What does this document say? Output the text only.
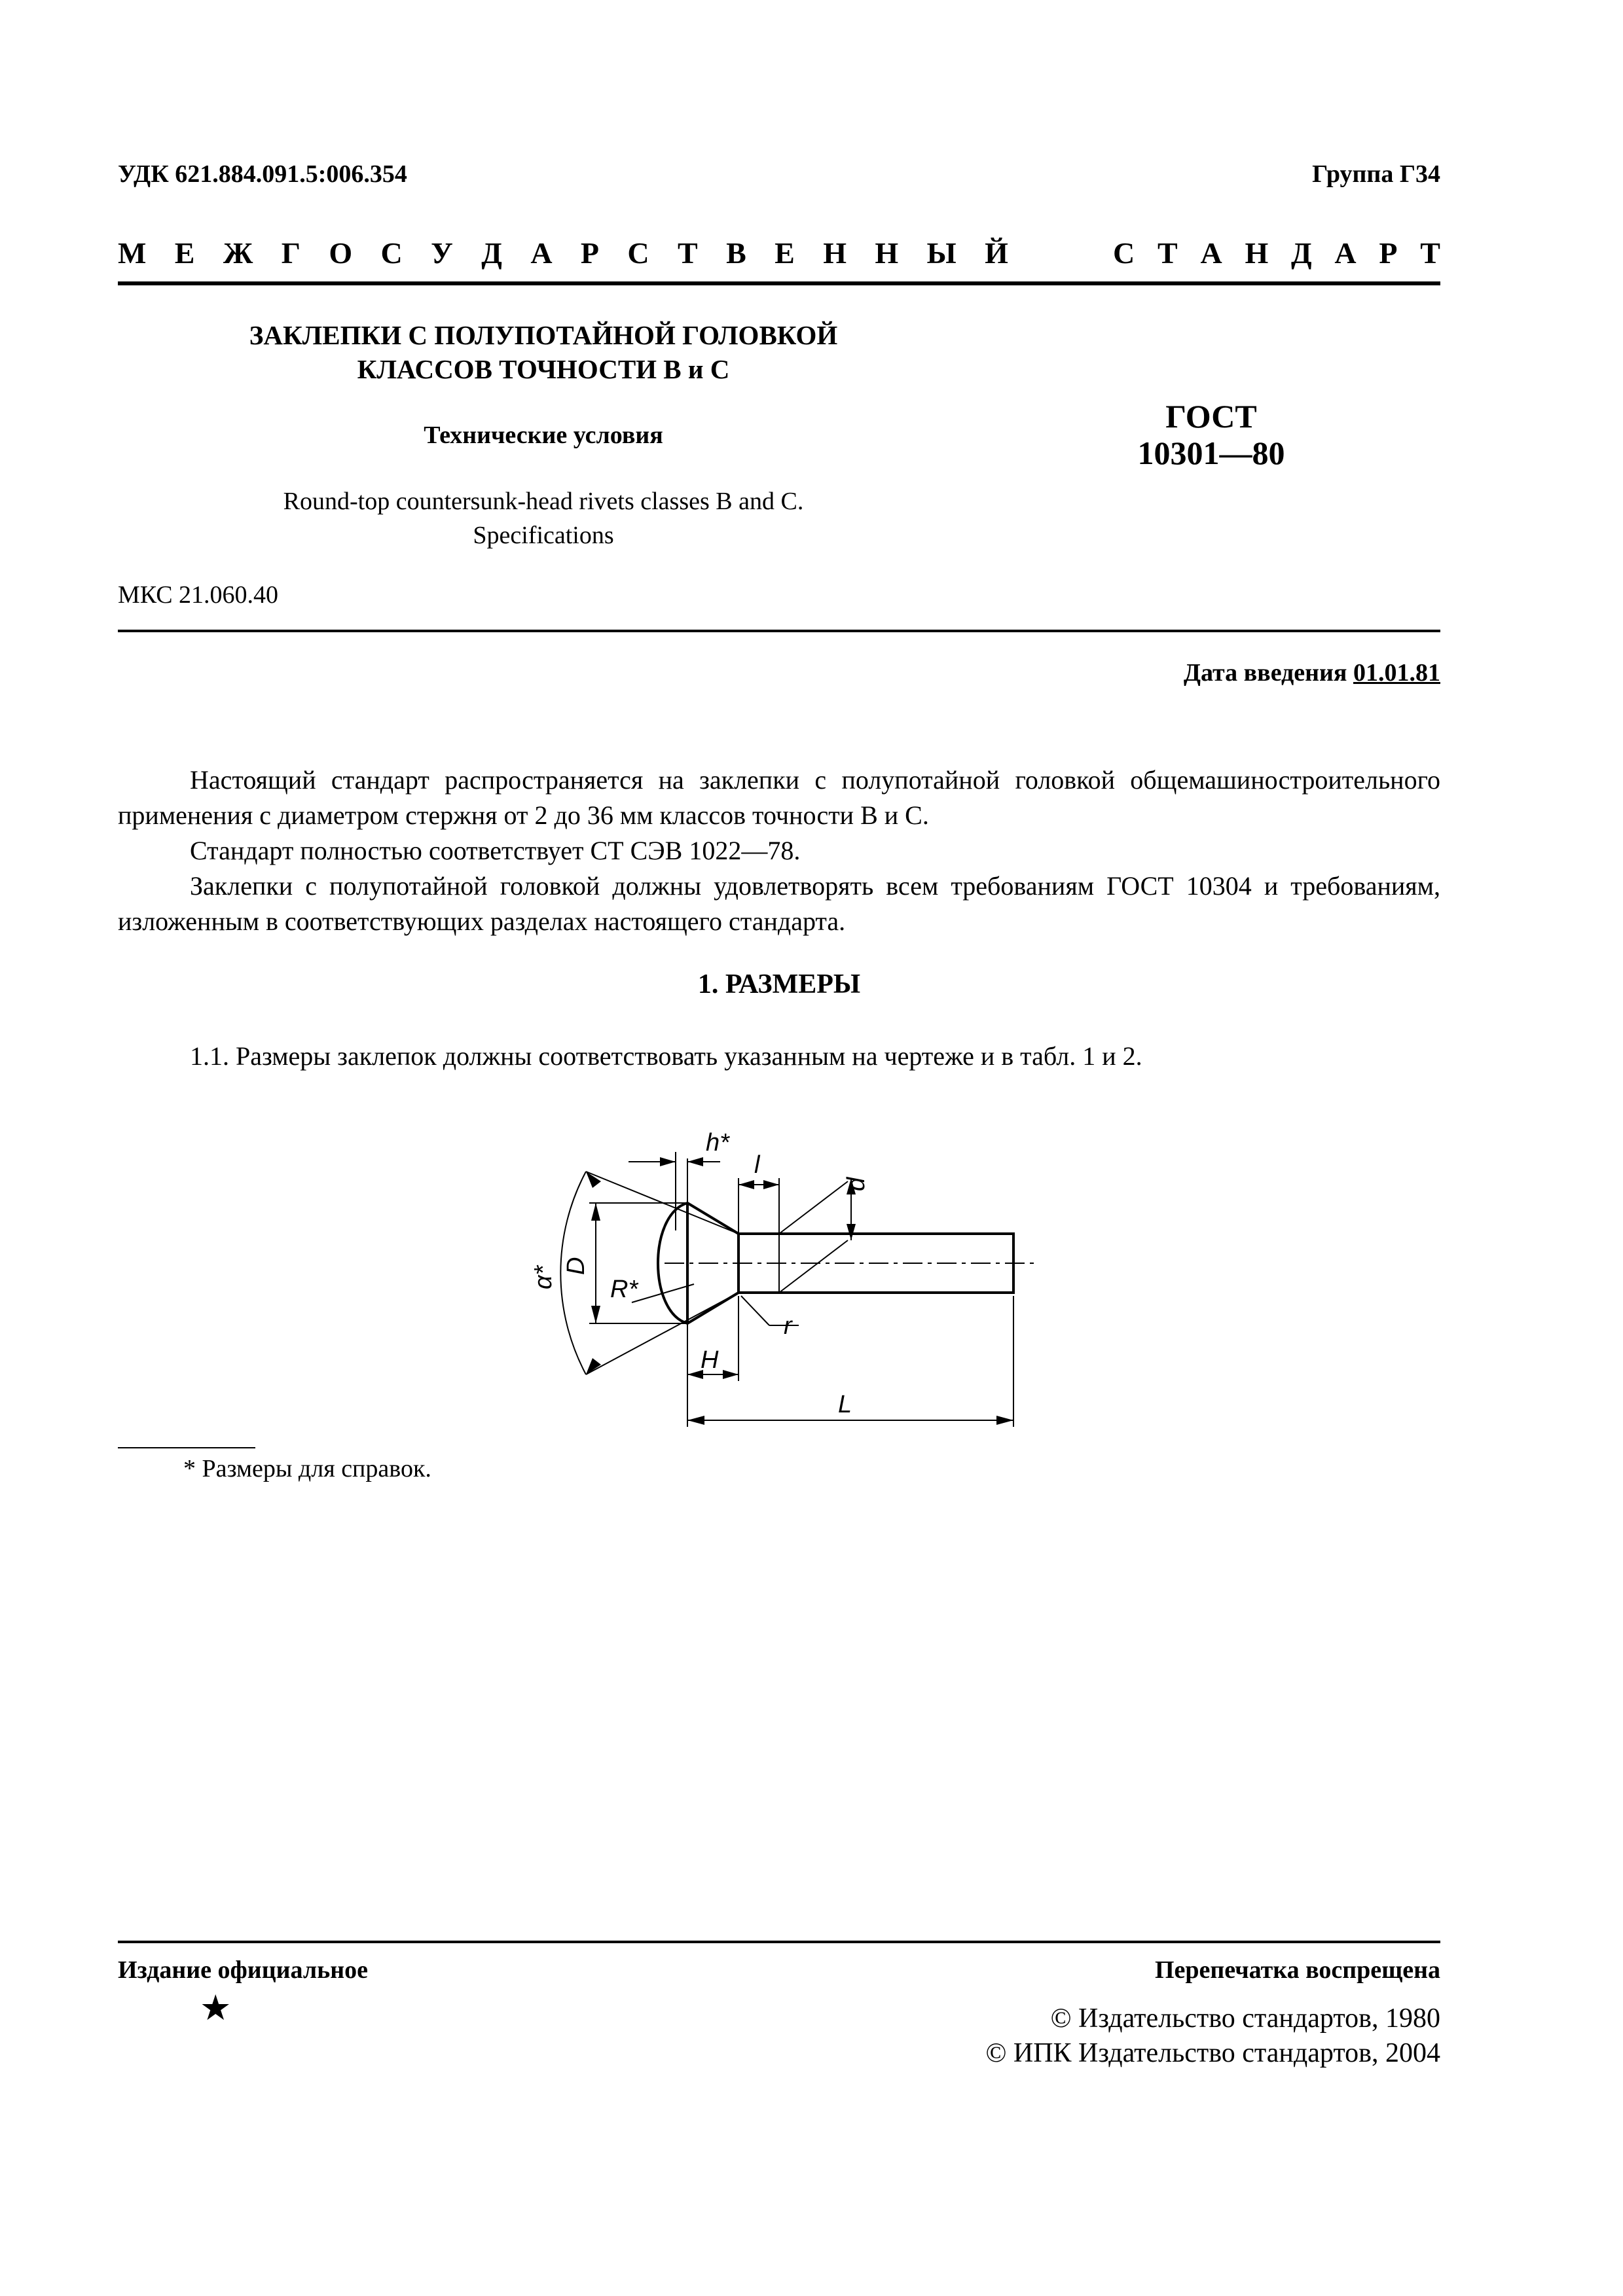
УДК 621.884.091.5:006.354	Группа Г34
М Е Ж Г О С У Д А Р С Т В Е Н Н Ы Й	С Т А Н Д А Р Т
ЗАКЛЕПКИ С ПОЛУПОТАЙНОЙ ГОЛОВКОЙ
КЛАССОВ ТОЧНОСТИ В и С
Технические условия
Round-top countersunk-head rivets classes B and C.
Specifications
ГОСТ
10301—80
МКС 21.060.40
Дата введения 01.01.81

Настоящий стандарт распространяется на заклепки с полупотайной головкой общемашиностроительного применения с диаметром стержня от 2 до 36 мм классов точности В и С.

Стандарт полностью соответствует СТ СЭВ 1022—78.

Заклепки с полупотайной головкой должны удовлетворять всем требованиям ГОСТ 10304 и требованиям, изложенным в соответствующих разделах настоящего стандарта.

1. РАЗМЕРЫ
1.1. Размеры заклепок должны соответствовать указанным на чертеже и в табл. 1 и 2.
h*
l
d
α* D
R*
r
H
L
* Размеры для справок.
Издание официальное	Перепечатка воспрещена
★	© Издательство стандартов, 1980
© ИПК Издательство стандартов, 2004
